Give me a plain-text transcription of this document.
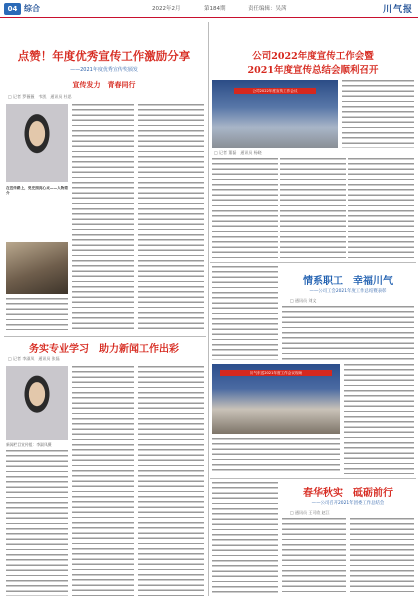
04 综合	2022年2月	第184期	责任编辑：吴茜	川气报
点赞！年度优秀宣传工作激励分享
——2021年度优秀宣传奖颁发
宣传发力　青春同行
□ 记者 罗薇薇　韦凯　通讯员 杜思

在宣传路上，党史照亮心灵——人物简介

务实专业学习　助力新闻工作出彩
□ 记者 李淑凤　通讯员 张磊
新闻栏目宣传组：李淑凤摄
公司2022年度宣传工作会暨
2021年度宣传总结会顺利召开
公司2022年度宣传工作会议
□ 记者 董磊　通讯员 杨晓
情系职工　幸福川气
——公司工会2021年度工作总结暨表彰
□ 通讯员 刘文
川气东送2021年度工作会议现场
春华秋实　砥砺前行
——公司召开2021年团委工作总结会
□ 通讯员 王可欣 赵江
